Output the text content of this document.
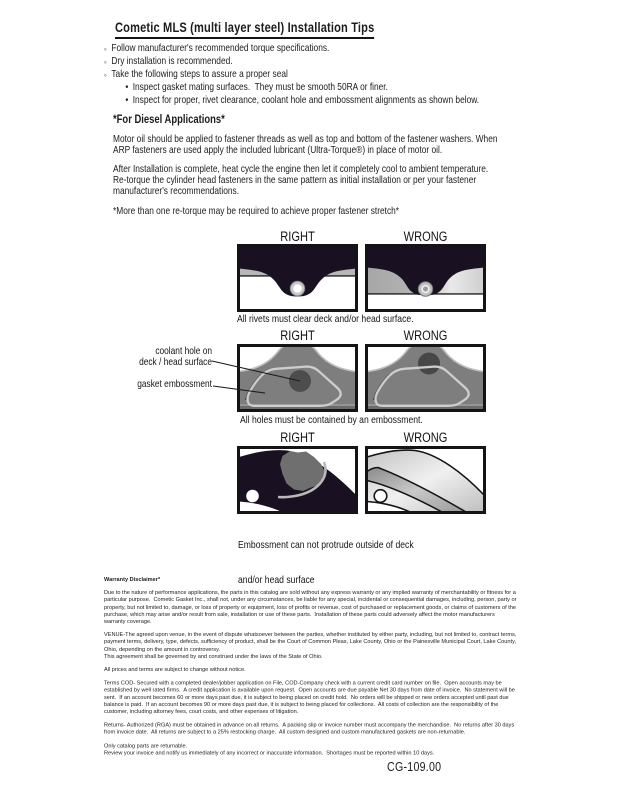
Cometic MLS (multi layer steel) Installation Tips
◦ Follow manufacturer's recommended torque specifications.
◦ Dry installation is recommended.
◦ Take the following steps to assure a proper seal
• Inspect gasket mating surfaces.  They must be smooth 50RA or finer.
• Inspect for proper, rivet clearance, coolant hole and embossment alignments as shown below.
*For Diesel Applications*
Motor oil should be applied to fastener threads as well as top and bottom of the fastener washers. When ARP fasteners are used apply the included lubricant (Ultra-Torque®) in place of motor oil.
After Installation is complete, heat cycle the engine then let it completely cool to ambient temperature. Re-torque the cylinder head fasteners in the same pattern as initial installation or per your fastener manufacturer's recommendations.
*More than one re-torque may be required to achieve proper fastener stretch*
RIGHT	WRONG
All rivets must clear deck and/or head surface.
RIGHT	WRONG
coolant hole on
deck / head surface
gasket embossment
All holes must be contained by an embossment.
RIGHT	WRONG

Embossment can not protrude outside of deck

and/or head surface

Warranty Disclaimer*

Due to the nature of performance applications, the parts in this catalog are sold without any express warranty or any implied warranty of merchantability or fitness for a particular purpose.  Cometic Gasket Inc., shall not, under any circumstances, be liable for any special, incidental or consequential damages, including, person, party or property, but not limited to, damage, or loss of property or equipment, loss of profits or revenue, cost of purchased or replacement goods, or claims of customers of the purchase, which may arise and/or result from sale, installation or use of these parts.  Installation of these parts could adversely affect the motor manufacturers warranty coverage.

VENUE-The agreed upon venue, in the event of dispute whatsoever between the parties, whether instituted by either party, including, but not limited to, contract terms, payment terms, delivery, type, defects, sufficiency of product, shall be the Court of Common Pleas, Lake County, Ohio or the Painesville Municipal Court, Lake County, Ohio, depending on the amount in controversy.

This agreement shall be governed by and construed under the laws of the State of Ohio.

All prices and terms are subject to change without notice.

Terms COD- Secured with a completed dealer/jobber application on File, COD-Company check with a current credit card number on file.  Open accounts may be established by well rated firms.  A credit application is available upon request.  Open accounts are due payable Net 30 days from date of invoice.  No statement will be sent.  If an account becomes 60 or more days past due, it is subject to being placed on credit hold.  No orders will be shipped or new orders accepted until past due balance is paid.  If an account becomes 90 or more days past due, it is subject to being placed for collections.  All costs of collection are the responsibility of the customer, including attorney fees, court costs, and other expenses of litigation.

Returns- Authorized (RGA) must be obtained in advance on all returns.  A packing slip or invoice number must accompany the merchandise.  No returns after 30 days from invoice date.  All returns are subject to a 25% restocking charge.  All custom designed and custom manufactured gaskets are non-returnable.

Only catalog parts are returnable.

Review your invoice and notify us immediately of any incorrect or inaccurate information.  Shortages must be reported within 10 days.

CG-109.00
